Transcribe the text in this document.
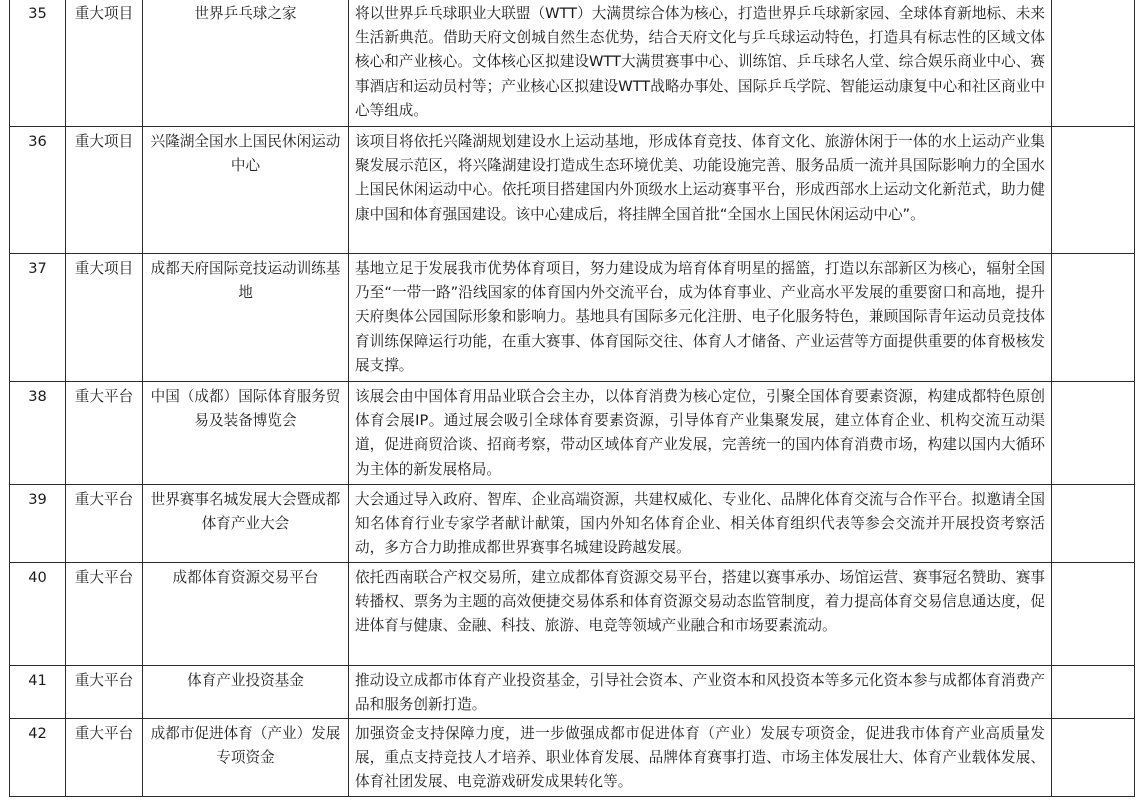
35	重大项目	世界乒乓球之家	将以世界乒乓球职业大联盟（WTT）大满贯综合体为核心，打造世界乒乓球新家园、全球体育新地标、未来生活新典范。借助天府文创城自然生态优势，结合天府文化与乒乓球运动特色，打造具有标志性的区域文体核心和产业核心。文体核心区拟建设WTT大满贯赛事中心、训练馆、乒乓球名人堂、综合娱乐商业中心、赛事酒店和运动员村等；产业核心区拟建设WTT战略办事处、国际乒乓学院、智能运动康复中心和社区商业中心等组成。	
36	重大项目	兴隆湖全国水上国民休闲运动中心	该项目将依托兴隆湖规划建设水上运动基地，形成体育竞技、体育文化、旅游休闲于一体的水上运动产业集聚发展示范区，将兴隆湖建设打造成生态环境优美、功能设施完善、服务品质一流并具国际影响力的全国水上国民休闲运动中心。依托项目搭建国内外顶级水上运动赛事平台，形成西部水上运动文化新范式，助力健康中国和体育强国建设。该中心建成后，将挂牌全国首批“全国水上国民休闲运动中心”。	
37	重大项目	成都天府国际竞技运动训练基地	基地立足于发展我市优势体育项目，努力建设成为培育体育明星的摇篮，打造以东部新区为核心，辐射全国乃至“一带一路”沿线国家的体育国内外交流平台，成为体育事业、产业高水平发展的重要窗口和高地，提升天府奥体公园国际形象和影响力。基地具有国际多元化注册、电子化服务特色，兼顾国际青年运动员竞技体育训练保障运行功能，在重大赛事、体育国际交往、体育人才储备、产业运营等方面提供重要的体育极核发展支撑。	
38	重大平台	中国（成都）国际体育服务贸易及装备博览会	该展会由中国体育用品业联合会主办，以体育消费为核心定位，引聚全国体育要素资源，构建成都特色原创体育会展IP。通过展会吸引全球体育要素资源，引导体育产业集聚发展，建立体育企业、机构交流互动渠道，促进商贸洽谈、招商考察，带动区域体育产业发展，完善统一的国内体育消费市场，构建以国内大循环为主体的新发展格局。	
39	重大平台	世界赛事名城发展大会暨成都体育产业大会	大会通过导入政府、智库、企业高端资源，共建权威化、专业化、品牌化体育交流与合作平台。拟邀请全国知名体育行业专家学者献计献策，国内外知名体育企业、相关体育组织代表等参会交流并开展投资考察活动，多方合力助推成都世界赛事名城建设跨越发展。	
40	重大平台	成都体育资源交易平台	依托西南联合产权交易所，建立成都体育资源交易平台，搭建以赛事承办、场馆运营、赛事冠名赞助、赛事转播权、票务为主题的高效便捷交易体系和体育资源交易动态监管制度，着力提高体育交易信息通达度，促进体育与健康、金融、科技、旅游、电竞等领域产业融合和市场要素流动。	
41	重大平台	体育产业投资基金	推动设立成都市体育产业投资基金，引导社会资本、产业资本和风投资本等多元化资本参与成都体育消费产品和服务创新打造。	
42	重大平台	成都市促进体育（产业）发展专项资金	加强资金支持保障力度，进一步做强成都市促进体育（产业）发展专项资金，促进我市体育产业高质量发展，重点支持竞技人才培养、职业体育发展、品牌体育赛事打造、市场主体发展壮大、体育产业载体发展、体育社团发展、电竞游戏研发成果转化等。	
